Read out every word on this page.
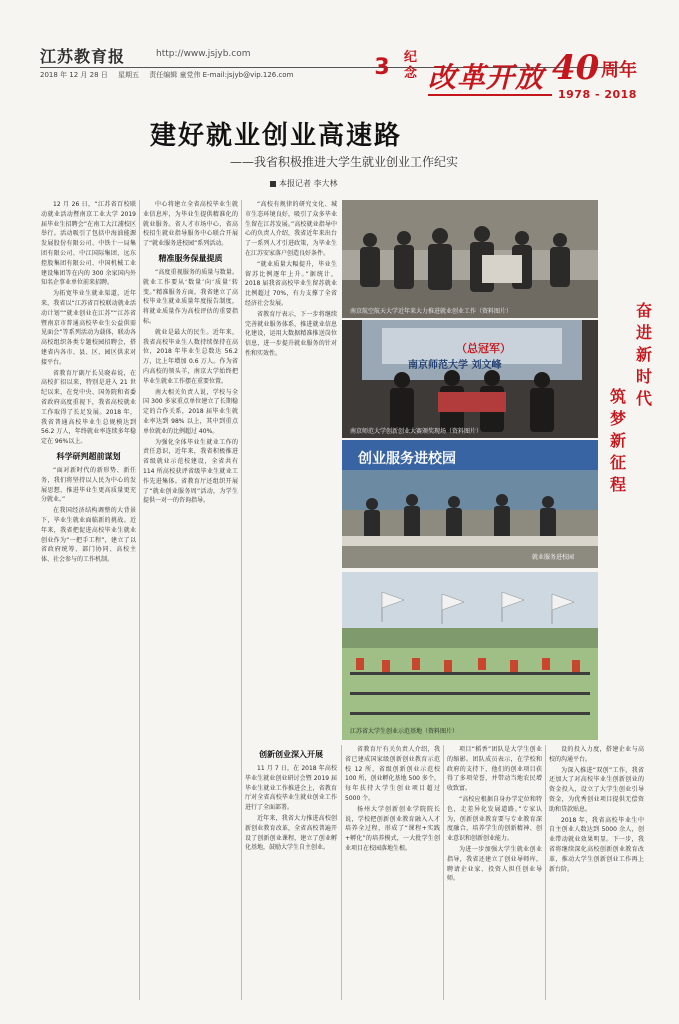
江苏教育报	http://www.jsjyb.com
2018 年 12 月 28 日 星期五 责任编辑 童党伟 E-mail:jsjyb@vip.126.com	3	纪念 改革开放 40 周年
1978 - 2018
建好就业创业高速路
——我省积极推进大学生就业创业工作纪实
本报记者 李大林

12 月 26 日，“江苏省百校联动就业活动暨南京工业大学 2019 届毕业生招聘会”在南工大江浦校区举行。活动吸引了包括中海油能源发展股份有限公司、中铁十一局集团有限公司、中江国际集团、远东控股集团有限公司、中国机械工业建设集团等在内的 300 余家国内外知名企事业单位前来招聘。

为拓宽毕业生就业渠道，近年来，我省以“江苏省百校联动就业活动计划”“就业创业在江苏”“江苏省暨南京市普通高校毕业生公益供需见面会”等系列活动为载体，联动各高校组织各类专题校园招聘会，搭建省内各市、县、区、园区供求对接平台。

省教育厅副厅长吴晓春说，在高校扩招以来，特别是进入 21 世纪以来，在党中央、国务院和省委省政府高度重视下，我省高校就业工作取得了长足发展。2018 年，我省普通高校毕业生总规模达到 56.2 万人，年终就业率连续多年稳定在 96%以上。

科学研判超前谋划

“面对新时代的新形势、新任务，我们将坚持以人民为中心的发展思想，推进毕业生更高质量更充分就业。”

在我国经济结构调整的大背景下，毕业生就业面临新的挑战。近年来，我省把促进高校毕业生就业创业作为“一把手工程”，建立了以省政府统筹、部门协同、高校主体、社会参与的工作机制。

中心将建立全省高校毕业生就业信息库，为毕业生提供精准化的就业服务。省人才市场中心、省高校招生就业指导服务中心联合开展了“就业服务进校园”系列活动。

精准服务保量提质

“高度重视服务的质量与数量。就业工作要从‘数量’向‘质量’转变。”精准服务方面，我省建立了高校毕业生就业质量年度报告制度，将就业质量作为高校评估的重要指标。

就业是最大的民生。近年来，我省高校毕业生人数持续保持在高位，2018 年毕业生总数达 56.2 万，比上年增加 0.6 万人。作为省内高校的领头羊，南京大学始终把毕业生就业工作摆在重要位置。

南大相关负责人说，学校与全国 300 多家重点单位建立了长期稳定的合作关系，2018 届毕业生就业率达到 98% 以上，其中到重点单位就业的比例超过 40%。

为强化全体毕业生就业工作的责任意识，近年来，我省积极推进省级就业示范校建设，全省共有 114 所高校获评省级毕业生就业工作先进集体。省教育厅还组织开展了“就业创业服务周”活动，为学生提供一对一的咨询指导。

“高校有规律的研究文化、城市生态环境良好，吸引了众多毕业生留在江苏发展。”高校就业指导中心的负责人介绍，我省近年来出台了一系列人才引进政策，为毕业生在江苏安家落户创造良好条件。

“就业质量大幅提升，毕业生留苏比例逐年上升。”据统计，2018 届我省高校毕业生留苏就业比例超过 70%，有力支撑了全省经济社会发展。

省教育厅表示，下一步将继续完善就业服务体系，推进就业信息化建设，运用大数据精准推送岗位信息，进一步提升就业服务的针对性和实效性。

创新创业深入开展

11 月 7 日，在 2018 年高校毕业生就业创业研讨会暨 2019 届毕业生就业工作推进会上，省教育厅对全省高校毕业生就业创业工作进行了全面部署。

近年来，我省大力推进高校创新创业教育改革，全省高校普遍开设了创新创业课程，建立了创业孵化基地，鼓励大学生自主创业。

省教育厅有关负责人介绍，我省已建成国家级创新创业教育示范校 12 所、省级创新创业示范校 100 所，创业孵化基地 500 多个，每年扶持大学生创业项目超过 5000 个。

扬州大学创新创业学院院长说，学校把创新创业教育融入人才培养全过程，形成了“课程+实践+孵化”的培养模式，一大批学生创业项目在校园落地生根。

项目“稻香”团队是大学生创业的缩影。团队成员表示，在学校和政府的支持下，他们的创业项目获得了多项荣誉，并带动当地农民增收致富。

“高校应根据自身办学定位和特色，走差异化发展道路。”专家认为，创新创业教育要与专业教育深度融合，培养学生的创新精神、创业意识和创新创业能力。

为进一步加强大学生就业创业指导，我省还建立了创业导师库，聘请企业家、投资人担任创业导师。

设的投入力度，搭建企业与高校的沟通平台。

为深入推进“双创”工作，我省还加大了对高校毕业生创新创业的资金投入，设立了大学生创业引导资金，为优秀创业项目提供无偿资助和贷款贴息。

2018 年，我省高校毕业生中自主创业人数达到 5000 余人，创业带动就业效果明显。下一步，我省将继续深化高校创新创业教育改革，推动大学生创新创业工作再上新台阶。

南京航空航天大学近年来大力推进就业创业工作（资料图片）
（总冠军）
南京师范大学 刘文峰
南京师范大学创新创业大赛颁奖现场（资料图片）
创业服务进校园
就业服务进校园
江苏省大学生创业示范基地（资料图片）
奋进新时代
筑梦新征程
